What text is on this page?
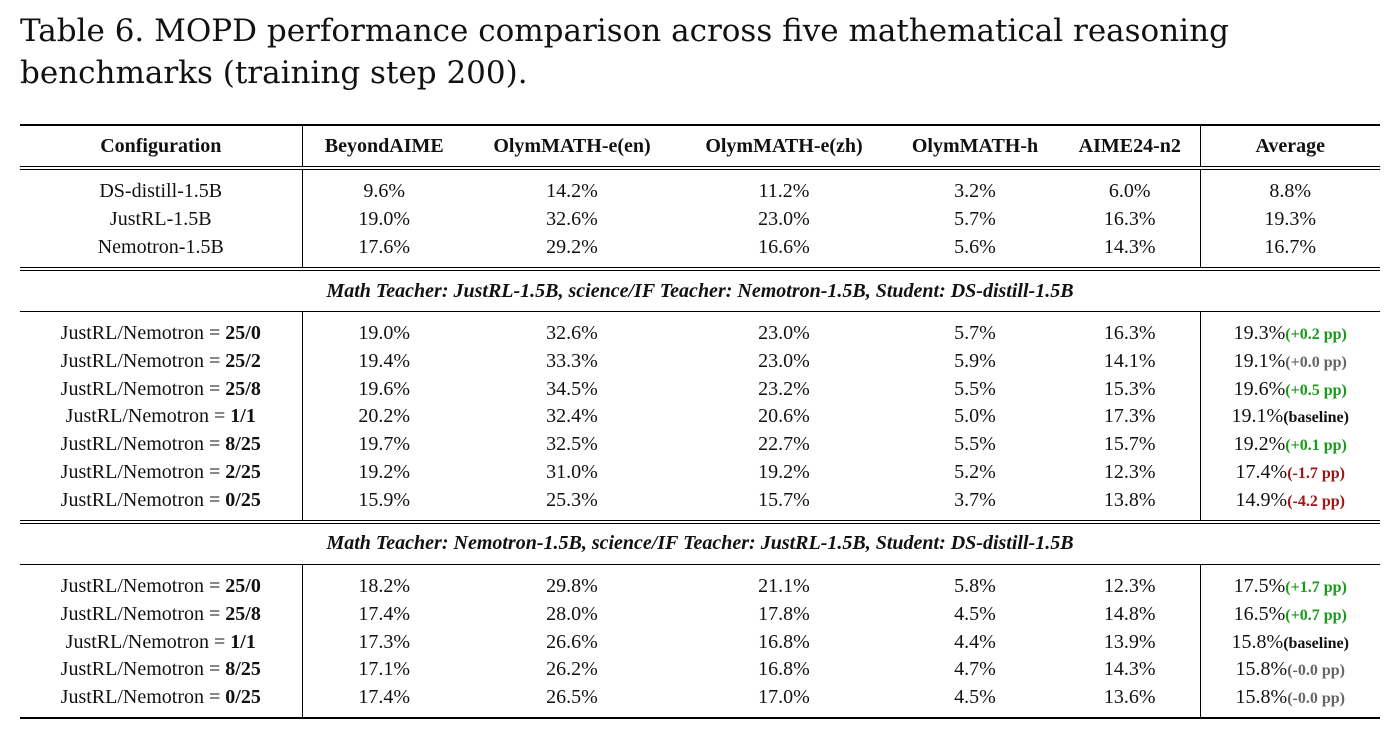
Table 6. MOPD performance comparison across five mathematical reasoning benchmarks (training step 200).
Configuration	BeyondAIME	OlymMATH-e(en)	OlymMATH-e(zh)	OlymMATH-h	AIME24-n2	Average
DS-distill-1.5B	9.6%	14.2%	11.2%	3.2%	6.0%	8.8%
JustRL-1.5B	19.0%	32.6%	23.0%	5.7%	16.3%	19.3%
Nemotron-1.5B	17.6%	29.2%	16.6%	5.6%	14.3%	16.7%
Math Teacher: JustRL-1.5B, science/IF Teacher: Nemotron-1.5B, Student: DS-distill-1.5B						
JustRL/Nemotron = 25/0	19.0%	32.6%	23.0%	5.7%	16.3%	19.3%(+0.2 pp)
JustRL/Nemotron = 25/2	19.4%	33.3%	23.0%	5.9%	14.1%	19.1%(+0.0 pp)
JustRL/Nemotron = 25/8	19.6%	34.5%	23.2%	5.5%	15.3%	19.6%(+0.5 pp)
JustRL/Nemotron = 1/1	20.2%	32.4%	20.6%	5.0%	17.3%	19.1%(baseline)
JustRL/Nemotron = 8/25	19.7%	32.5%	22.7%	5.5%	15.7%	19.2%(+0.1 pp)
JustRL/Nemotron = 2/25	19.2%	31.0%	19.2%	5.2%	12.3%	17.4%(-1.7 pp)
JustRL/Nemotron = 0/25	15.9%	25.3%	15.7%	3.7%	13.8%	14.9%(-4.2 pp)
Math Teacher: Nemotron-1.5B, science/IF Teacher: JustRL-1.5B, Student: DS-distill-1.5B						
JustRL/Nemotron = 25/0	18.2%	29.8%	21.1%	5.8%	12.3%	17.5%(+1.7 pp)
JustRL/Nemotron = 25/8	17.4%	28.0%	17.8%	4.5%	14.8%	16.5%(+0.7 pp)
JustRL/Nemotron = 1/1	17.3%	26.6%	16.8%	4.4%	13.9%	15.8%(baseline)
JustRL/Nemotron = 8/25	17.1%	26.2%	16.8%	4.7%	14.3%	15.8%(-0.0 pp)
JustRL/Nemotron = 0/25	17.4%	26.5%	17.0%	4.5%	13.6%	15.8%(-0.0 pp)
